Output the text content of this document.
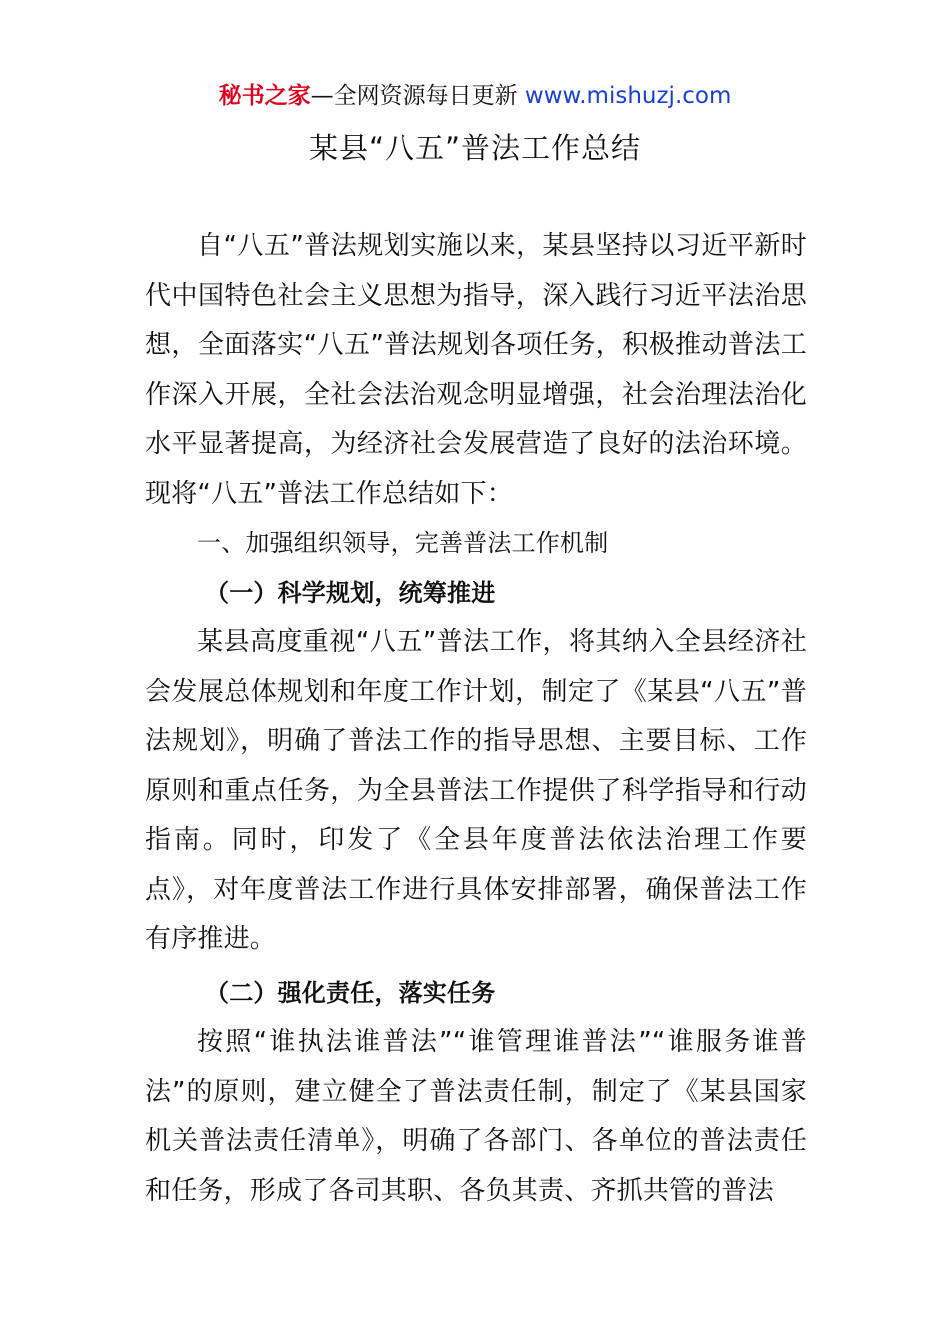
秘书之家—全网资源每日更新 www.mishuzj.com
某县“八五”普法工作总结

自“八五”普法规划实施以来，某县坚持以习近平新时代中国特色社会主义思想为指导，深入践行习近平法治思想，全面落实“八五”普法规划各项任务，积极推动普法工作深入开展，全社会法治观念明显增强，社会治理法治化水平显著提高，为经济社会发展营造了良好的法治环境。现将“八五”普法工作总结如下：

一、加强组织领导，完善普法工作机制

（一）科学规划，统筹推进

某县高度重视“八五”普法工作，将其纳入全县经济社会发展总体规划和年度工作计划，制定了《某县“八五”普法规划》，明确了普法工作的指导思想、主要目标、工作原则和重点任务，为全县普法工作提供了科学指导和行动指南。同时，印发了《全县年度普法依法治理工作要点》，对年度普法工作进行具体安排部署，确保普法工作有序推进。

（二）强化责任，落实任务

按照“谁执法谁普法”“谁管理谁普法”“谁服务谁普法”的原则，建立健全了普法责任制，制定了《某县国家机关普法责任清单》，明确了各部门、各单位的普法责任和任务，形成了各司其职、各负其责、齐抓共管的普法
